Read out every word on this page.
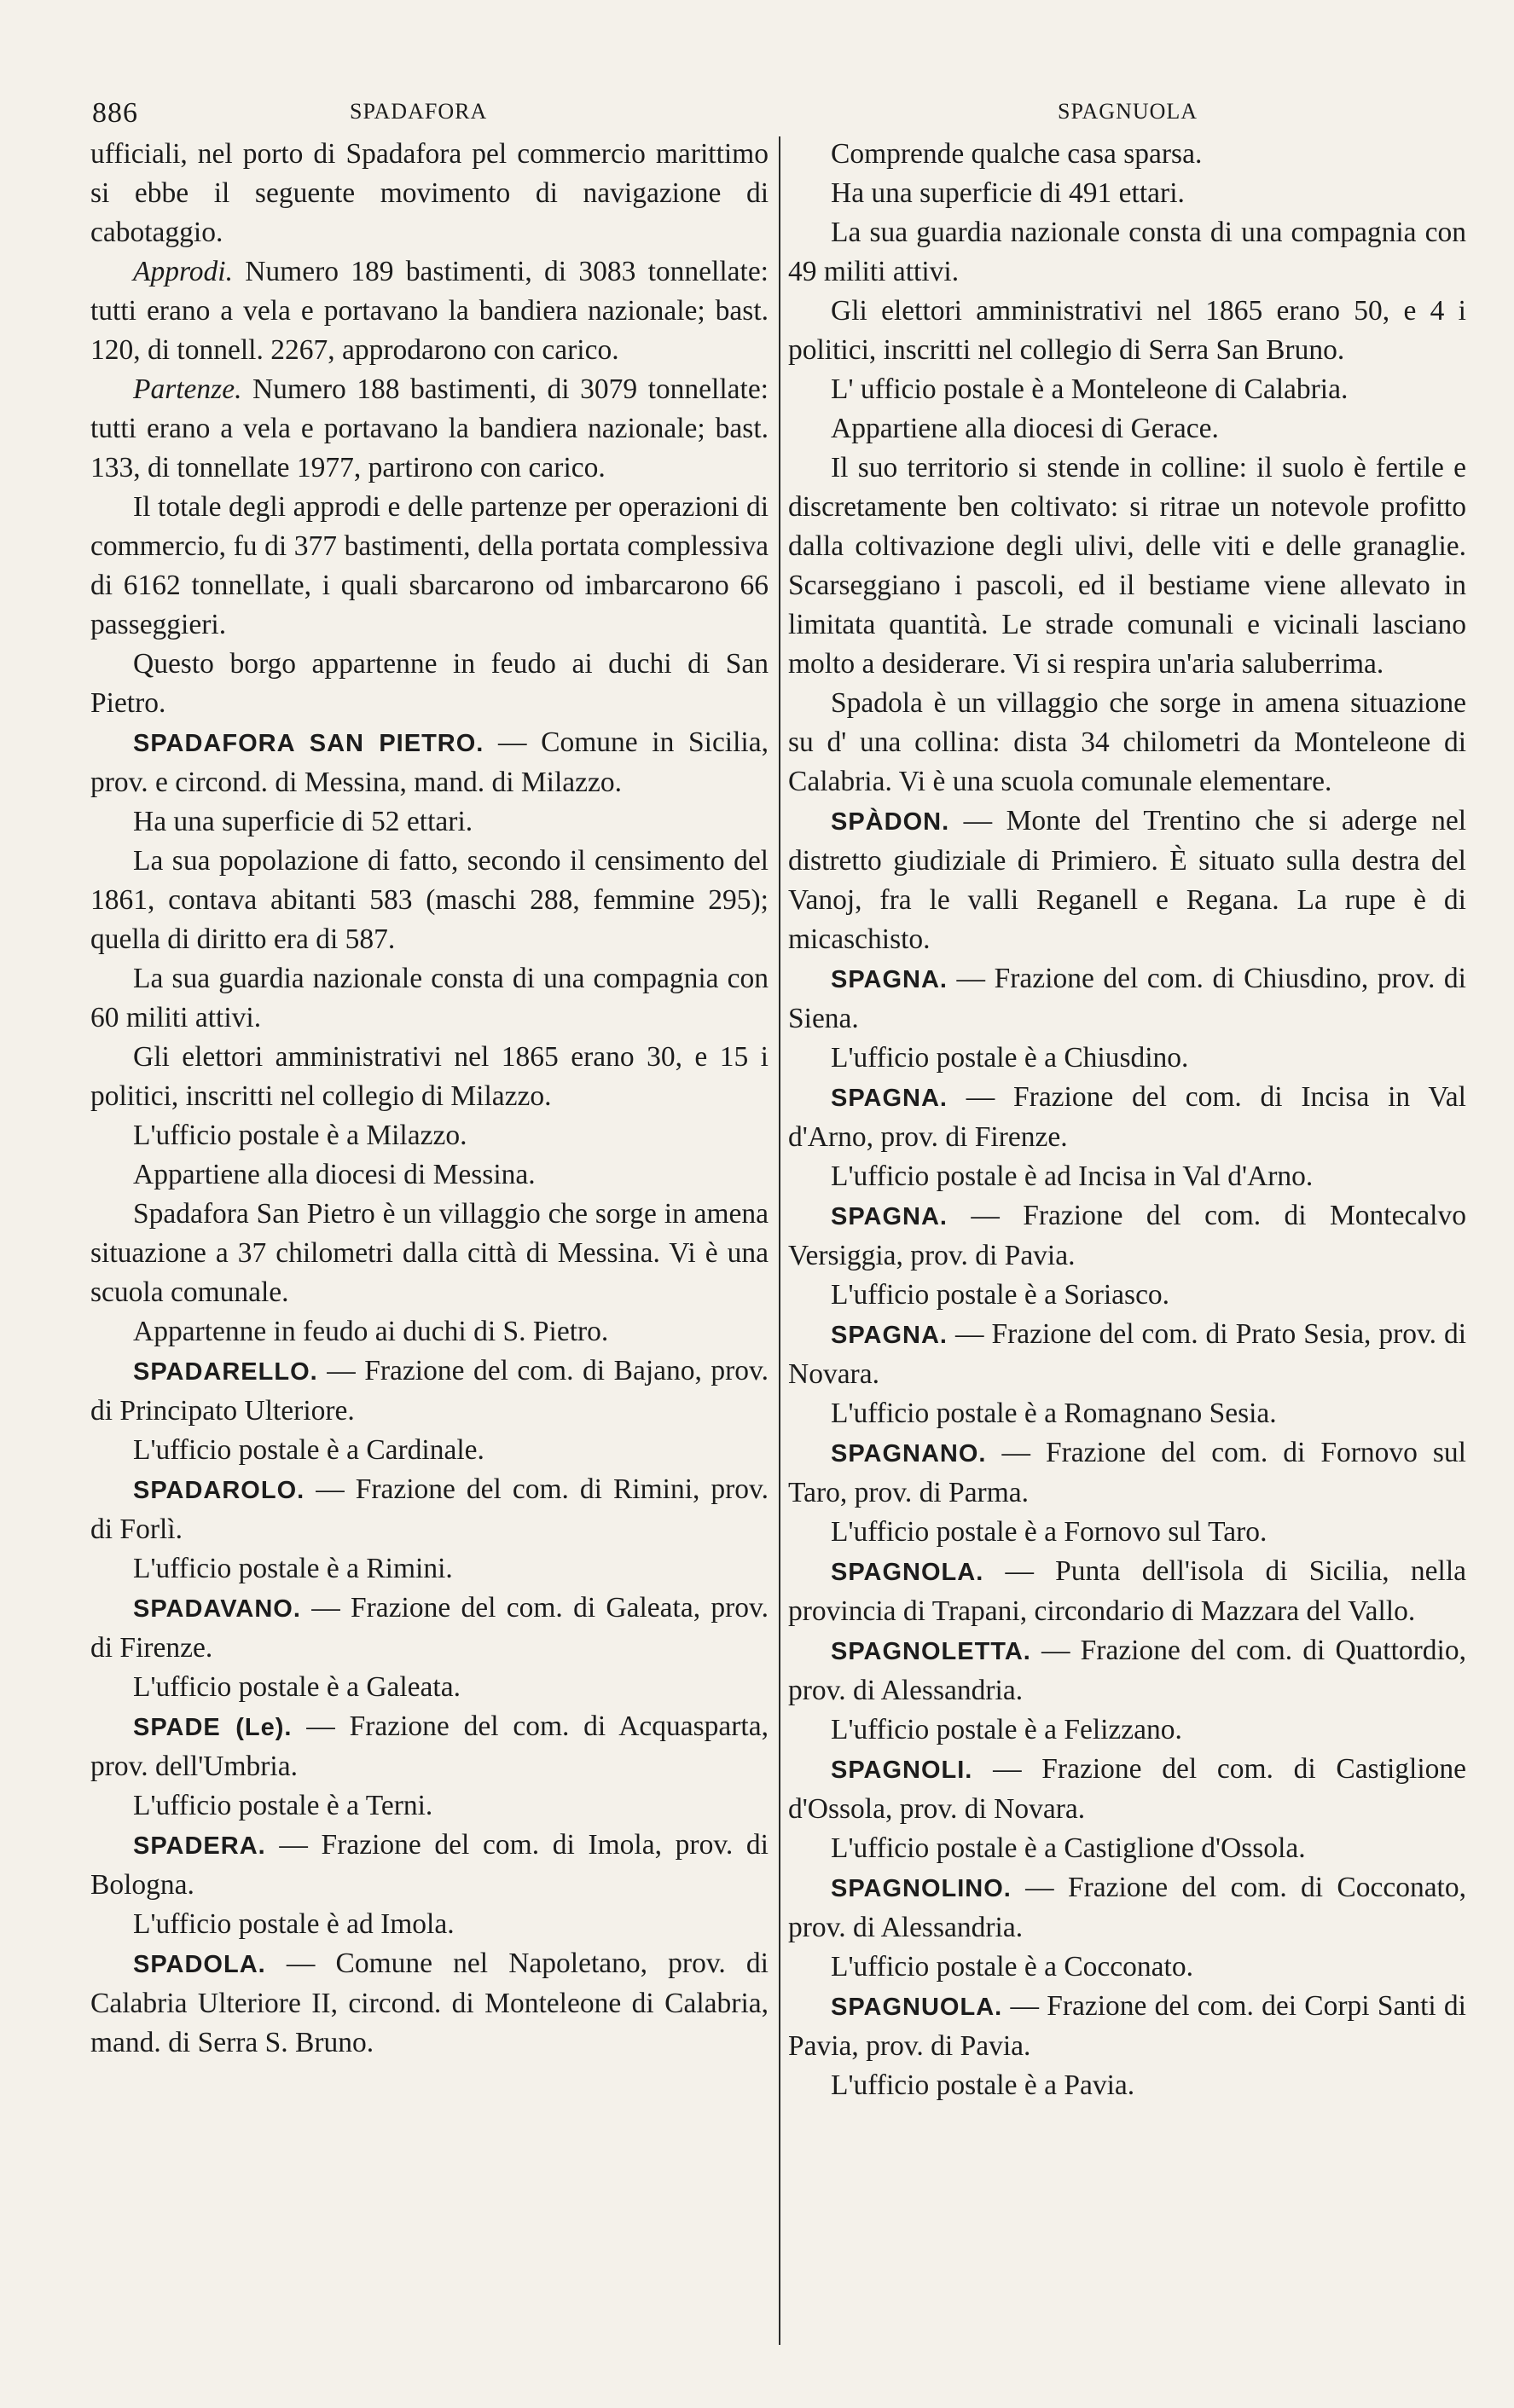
886	SPADAFORA	SPAGNUOLA

ufficiali, nel porto di Spadafora pel commercio marittimo si ebbe il seguente movimento di navigazione di cabotaggio.

Approdi. Numero 189 bastimenti, di 3083 tonnellate: tutti erano a vela e portavano la bandiera nazionale; bast. 120, di tonnell. 2267, approdarono con carico.

Partenze. Numero 188 bastimenti, di 3079 tonnellate: tutti erano a vela e portavano la bandiera nazionale; bast. 133, di tonnellate 1977, partirono con carico.

Il totale degli approdi e delle partenze per operazioni di commercio, fu di 377 bastimenti, della portata complessiva di 6162 tonnellate, i quali sbarcarono od imbarcarono 66 passeggieri.

Questo borgo appartenne in feudo ai duchi di San Pietro.

SPADAFORA SAN PIETRO. — Comune in Sicilia, prov. e circond. di Messina, mand. di Milazzo.

Ha una superficie di 52 ettari.

La sua popolazione di fatto, secondo il censimento del 1861, contava abitanti 583 (maschi 288, femmine 295); quella di diritto era di 587.

La sua guardia nazionale consta di una compagnia con 60 militi attivi.

Gli elettori amministrativi nel 1865 erano 30, e 15 i politici, inscritti nel collegio di Milazzo.

L'ufficio postale è a Milazzo.

Appartiene alla diocesi di Messina.

Spadafora San Pietro è un villaggio che sorge in amena situazione a 37 chilometri dalla città di Messina. Vi è una scuola comunale.

Appartenne in feudo ai duchi di S. Pietro.

SPADARELLO. — Frazione del com. di Bajano, prov. di Principato Ulteriore.

L'ufficio postale è a Cardinale.

SPADAROLO. — Frazione del com. di Rimini, prov. di Forlì.

L'ufficio postale è a Rimini.

SPADAVANO. — Frazione del com. di Galeata, prov. di Firenze.

L'ufficio postale è a Galeata.

SPADE (Le). — Frazione del com. di Acquasparta, prov. dell'Umbria.

L'ufficio postale è a Terni.

SPADERA. — Frazione del com. di Imola, prov. di Bologna.

L'ufficio postale è ad Imola.

SPADOLA. — Comune nel Napoletano, prov. di Calabria Ulteriore II, circond. di Monteleone di Calabria, mand. di Serra S. Bruno.

Comprende qualche casa sparsa.

Ha una superficie di 491 ettari.

La sua guardia nazionale consta di una compagnia con 49 militi attivi.

Gli elettori amministrativi nel 1865 erano 50, e 4 i politici, inscritti nel collegio di Serra San Bruno.

L' ufficio postale è a Monteleone di Calabria.

Appartiene alla diocesi di Gerace.

Il suo territorio si stende in colline: il suolo è fertile e discretamente ben coltivato: si ritrae un notevole profitto dalla coltivazione degli ulivi, delle viti e delle granaglie. Scarseggiano i pascoli, ed il bestiame viene allevato in limitata quantità. Le strade comunali e vicinali lasciano molto a desiderare. Vi si respira un'aria saluberrima.

Spadola è un villaggio che sorge in amena situazione su d' una collina: dista 34 chilometri da Monteleone di Calabria. Vi è una scuola comunale elementare.

SPÀDON. — Monte del Trentino che si aderge nel distretto giudiziale di Primiero. È situato sulla destra del Vanoj, fra le valli Reganell e Regana. La rupe è di micaschisto.

SPAGNA. — Frazione del com. di Chiusdino, prov. di Siena.

L'ufficio postale è a Chiusdino.

SPAGNA. — Frazione del com. di Incisa in Val d'Arno, prov. di Firenze.

L'ufficio postale è ad Incisa in Val d'Arno.

SPAGNA. — Frazione del com. di Montecalvo Versiggia, prov. di Pavia.

L'ufficio postale è a Soriasco.

SPAGNA. — Frazione del com. di Prato Sesia, prov. di Novara.

L'ufficio postale è a Romagnano Sesia.

SPAGNANO. — Frazione del com. di Fornovo sul Taro, prov. di Parma.

L'ufficio postale è a Fornovo sul Taro.

SPAGNOLA. — Punta dell'isola di Sicilia, nella provincia di Trapani, circondario di Mazzara del Vallo.

SPAGNOLETTA. — Frazione del com. di Quattordio, prov. di Alessandria.

L'ufficio postale è a Felizzano.

SPAGNOLI. — Frazione del com. di Castiglione d'Ossola, prov. di Novara.

L'ufficio postale è a Castiglione d'Ossola.

SPAGNOLINO. — Frazione del com. di Cocconato, prov. di Alessandria.

L'ufficio postale è a Cocconato.

SPAGNUOLA. — Frazione del com. dei Corpi Santi di Pavia, prov. di Pavia.

L'ufficio postale è a Pavia.
